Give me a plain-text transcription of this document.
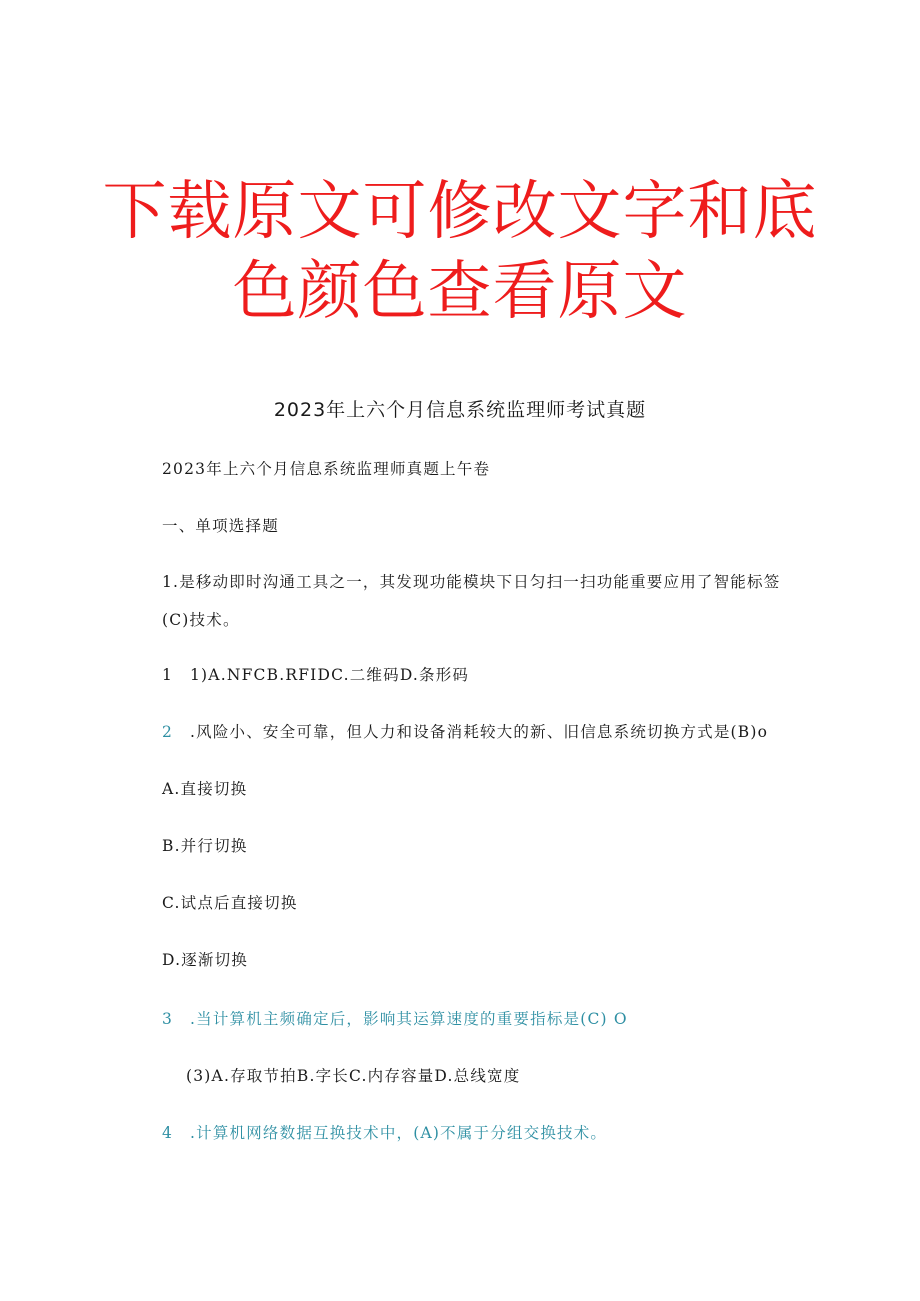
下载原文可修改文字和底
色颜色查看原文
2023年上六个月信息系统监理师考试真题
2023年上六个月信息系统监理师真题上午卷
一、单项选择题
1.是移动即时沟通工具之一，其发现功能模块下日匀扫一扫功能重要应用了智能标签(C)技术。
1 1)A.NFCB.RFIDC.二维码D.条形码
2 .风险小、安全可靠，但人力和设备消耗较大的新、旧信息系统切换方式是(B)o
A.直接切换
B.并行切换
C.试点后直接切换
D.逐渐切换
3 .当计算机主频确定后，影响其运算速度的重要指标是(C) O
(3)A.存取节拍B.字长C.内存容量D.总线宽度
4 .计算机网络数据互换技术中，(A)不属于分组交换技术。
